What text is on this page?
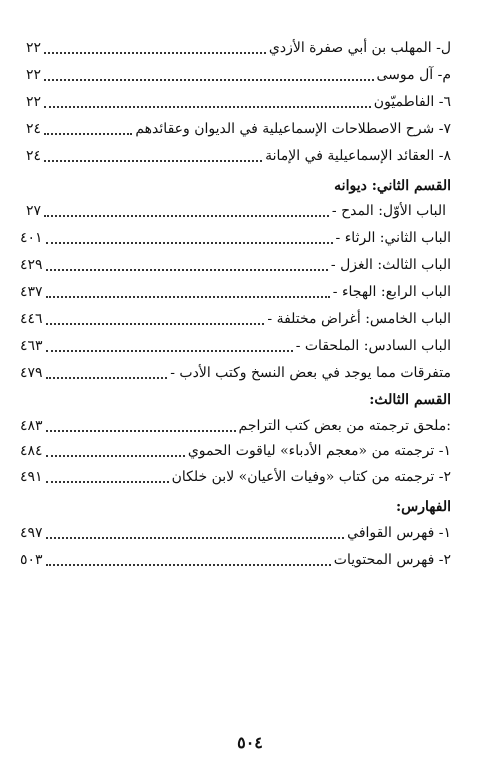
ل- المهلب بن أبي صفرة الأزدي
٢٢
م- آل موسى
٢٢
٦- الفاطميّون
٢٢
٧- شرح الاصطلاحات الإسماعيلية في الديوان وعقائدهم
٢٤
٨- العقائد الإسماعيلية في الإمانة
٢٤
القسم الثاني: ديوانه
- الباب الأوّل: المدح
٢٧
- الباب الثاني: الرثاء
٤٠١
- الباب الثالث: الغزل
٤٢٩
- الباب الرابع: الهجاء
٤٣٧
- الباب الخامس: أغراض مختلفة
٤٤٦
- الباب السادس: الملحقات
٤٦٣
- متفرقات مما يوجد في بعض النسخ وكتب الأدب
٤٧٩
القسم الثالث:
ملحق ترجمته من بعض كتب التراجم:
٤٨٣
١- ترجمته من «معجم الأدباء» لياقوت الحموي
٤٨٤
٢- ترجمته من كتاب «وفيات الأعيان» لابن خلكان
٤٩١
الفهارس:
١- فهرس القوافي
٤٩٧
٢- فهرس المحتويات
٥٠٣
٥٠٤
